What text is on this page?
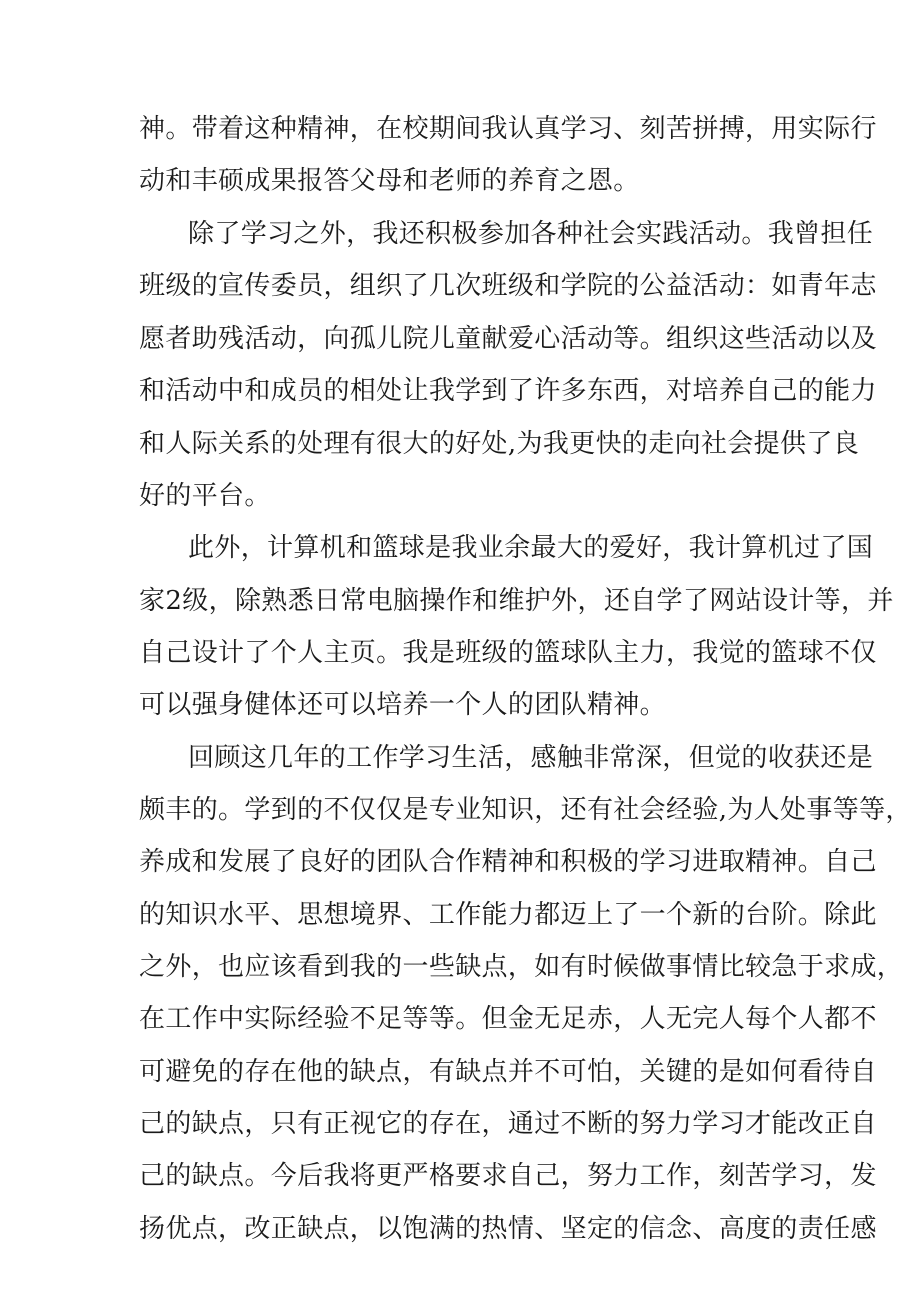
神。带着这种精神，在校期间我认真学习、刻苦拼搏，用实际行
动和丰硕成果报答父母和老师的养育之恩。
除了学习之外，我还积极参加各种社会实践活动。我曾担任
班级的宣传委员，组织了几次班级和学院的公益活动：如青年志
愿者助残活动，向孤儿院儿童献爱心活动等。组织这些活动以及
和活动中和成员的相处让我学到了许多东西，对培养自己的能力
和人际关系的处理有很大的好处,为我更快的走向社会提供了良
好的平台。
此外，计算机和篮球是我业余最大的爱好，我计算机过了国
家2级，除熟悉日常电脑操作和维护外，还自学了网站设计等，并
自己设计了个人主页。我是班级的篮球队主力，我觉的篮球不仅
可以强身健体还可以培养一个人的团队精神。
回顾这几年的工作学习生活，感触非常深，但觉的收获还是
颇丰的。学到的不仅仅是专业知识，还有社会经验,为人处事等等，
养成和发展了良好的团队合作精神和积极的学习进取精神。自己
的知识水平、思想境界、工作能力都迈上了一个新的台阶。除此
之外，也应该看到我的一些缺点，如有时候做事情比较急于求成，
在工作中实际经验不足等等。但金无足赤，人无完人每个人都不
可避免的存在他的缺点，有缺点并不可怕，关键的是如何看待自
己的缺点，只有正视它的存在，通过不断的努力学习才能改正自
己的缺点。今后我将更严格要求自己，努力工作，刻苦学习，发
扬优点，改正缺点，以饱满的热情、坚定的信念、高度的责任感
